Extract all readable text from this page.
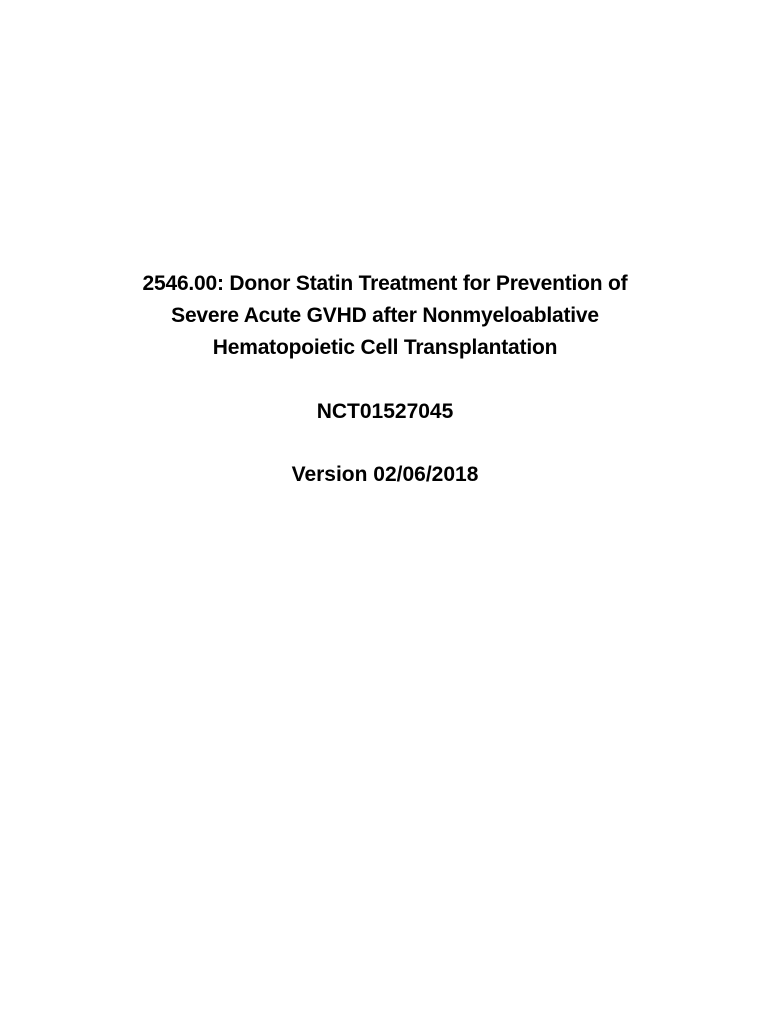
2546.00: Donor Statin Treatment for Prevention of
Severe Acute GVHD after Nonmyeloablative
Hematopoietic Cell Transplantation
NCT01527045
Version 02/06/2018
